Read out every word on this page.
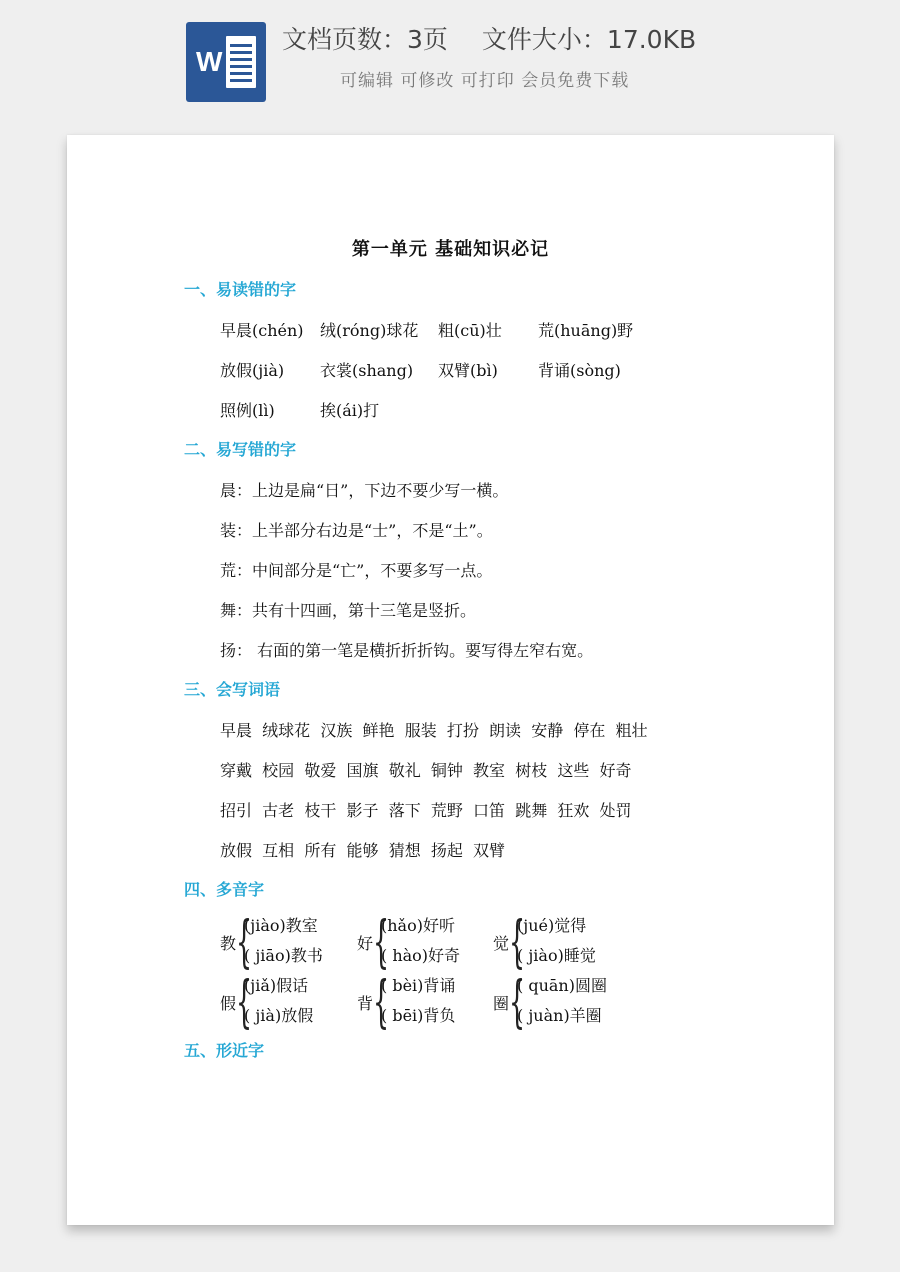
W
文档页数：3页 文件大小：17.0KB
可编辑 可修改 可打印 会员免费下载
第一单元 基础知识必记
一、易读错的字
早晨(chén) 绒(róng)球花 粗(cū)壮 荒(huāng)野
放假(jià) 衣裳(shang) 双臂(bì)	背诵(sòng)
照例(lì)	挨(ái)打
二、易写错的字
晨：上边是扁“日”，下边不要少写一横。
装：上半部分右边是“士”，不是“土”。
荒：中间部分是“亡”，不要多写一点。
舞：共有十四画，第十三笔是竖折。
扬： 右面的第一笔是横折折折钩。要写得左窄右宽。
三、会写词语
早晨  绒球花  汉族  鲜艳  服装  打扮  朗读  安静  停在  粗壮
穿戴  校园  敬爱  国旗  敬礼  铜钟  教室  树枝  这些  好奇
招引  古老  枝干  影子  落下  荒野  口笛  跳舞  狂欢  处罚
放假  互相  所有  能够  猜想  扬起  双臂
四、多音字
教 {
(jiào)教室
( jiāo)教书
好 {
(hǎo)好听
( hào)好奇
觉 {
(jué)觉得
( jiào)睡觉
假 {
(jiǎ)假话
( jià)放假
背 {
( bèi)背诵
( bēi)背负
圈 {
( quān)圆圈
( juàn)羊圈
五、形近字
